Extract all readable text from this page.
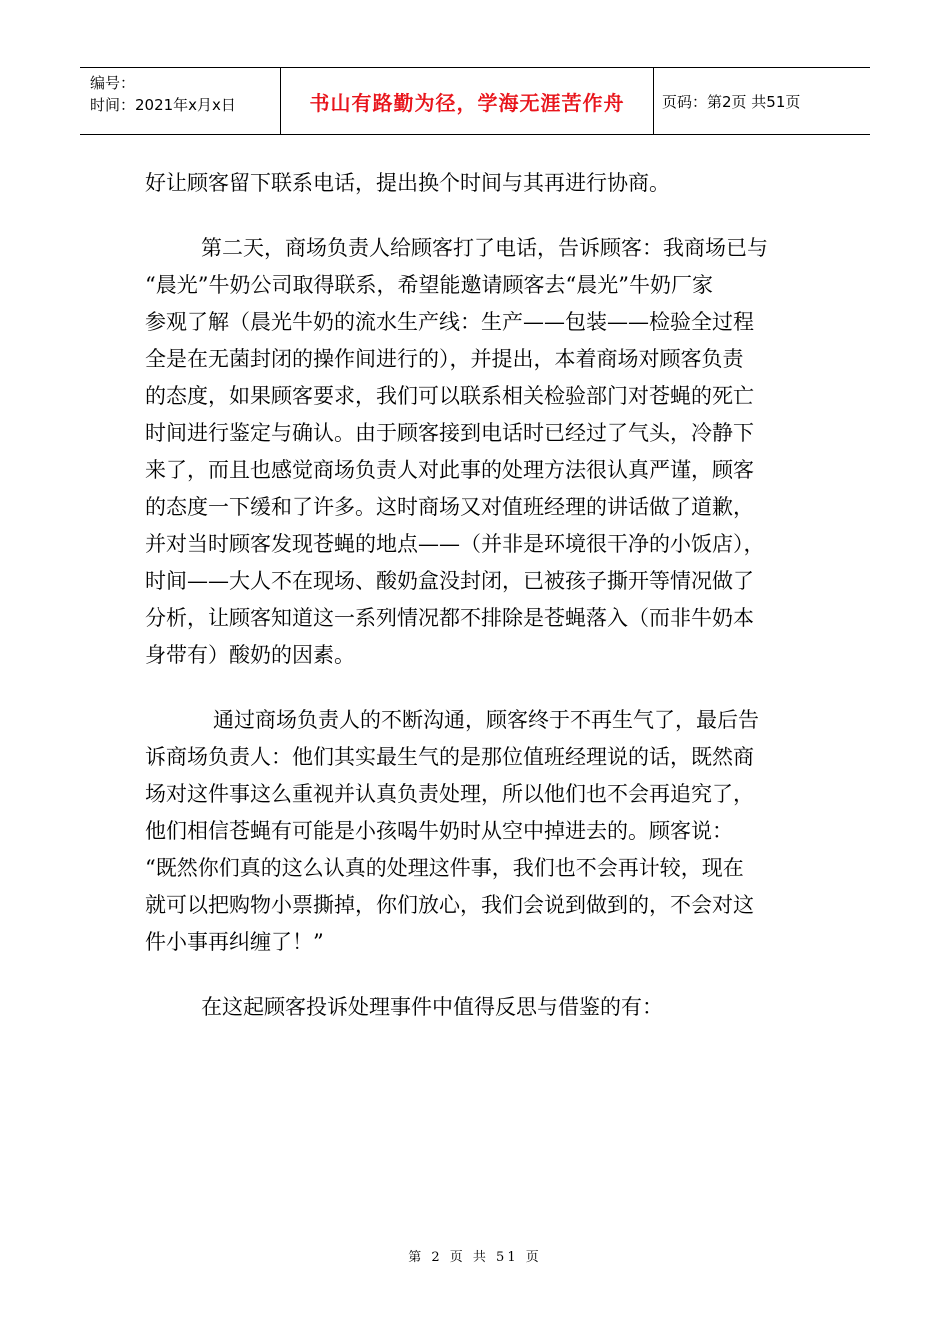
编号：
时间：2021年x月x日	书山有路勤为径，学海无涯苦作舟	页码：第2页 共51页
好让顾客留下联系电话，提出换个时间与其再进行协商。
第二天，商场负责人给顾客打了电话，告诉顾客：我商场已与
“晨光”牛奶公司取得联系，希望能邀请顾客去“晨光”牛奶厂家
参观了解（晨光牛奶的流水生产线：生产——包装——检验全过程
全是在无菌封闭的操作间进行的），并提出，本着商场对顾客负责
的态度，如果顾客要求，我们可以联系相关检验部门对苍蝇的死亡
时间进行鉴定与确认。由于顾客接到电话时已经过了气头，冷静下
来了，而且也感觉商场负责人对此事的处理方法很认真严谨，顾客
的态度一下缓和了许多。这时商场又对值班经理的讲话做了道歉，
并对当时顾客发现苍蝇的地点——（并非是环境很干净的小饭店），
时间——大人不在现场、酸奶盒没封闭，已被孩子撕开等情况做了
分析，让顾客知道这一系列情况都不排除是苍蝇落入（而非牛奶本
身带有）酸奶的因素。
通过商场负责人的不断沟通，顾客终于不再生气了，最后告
诉商场负责人：他们其实最生气的是那位值班经理说的话，既然商
场对这件事这么重视并认真负责处理，所以他们也不会再追究了，
他们相信苍蝇有可能是小孩喝牛奶时从空中掉进去的。顾客说：
“既然你们真的这么认真的处理这件事，我们也不会再计较，现在
就可以把购物小票撕掉，你们放心，我们会说到做到的，不会对这
件小事再纠缠了！”
在这起顾客投诉处理事件中值得反思与借鉴的有：
第 2 页 共 51 页
